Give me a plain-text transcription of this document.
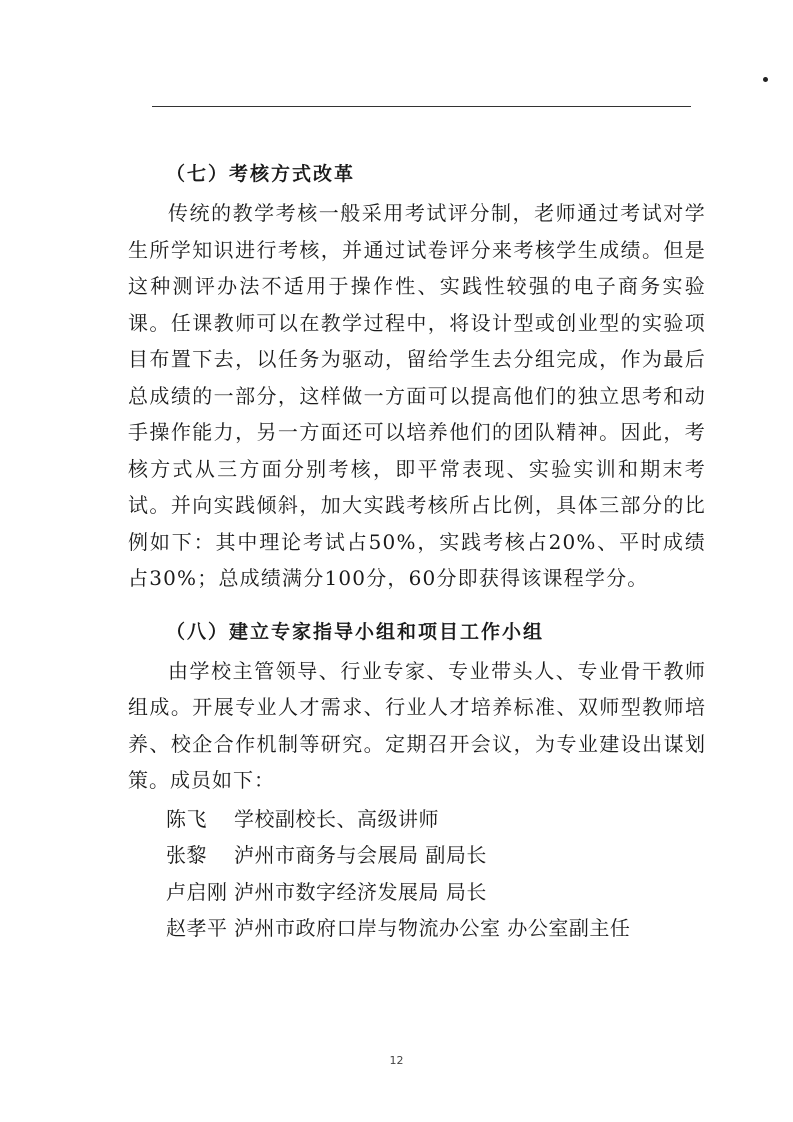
（七）考核方式改革

传统的教学考核一般采用考试评分制，老师通过考试对学生所学知识进行考核，并通过试卷评分来考核学生成绩。但是这种测评办法不适用于操作性、实践性较强的电子商务实验课。任课教师可以在教学过程中，将设计型或创业型的实验项目布置下去，以任务为驱动，留给学生去分组完成，作为最后总成绩的一部分，这样做一方面可以提高他们的独立思考和动手操作能力，另一方面还可以培养他们的团队精神。因此，考核方式从三方面分别考核，即平常表现、实验实训和期末考试。并向实践倾斜，加大实践考核所占比例，具体三部分的比例如下：其中理论考试占50%，实践考核占20%、平时成绩占30%；总成绩满分100分，60分即获得该课程学分。

（八）建立专家指导小组和项目工作小组

由学校主管领导、行业专家、专业带头人、专业骨干教师组成。开展专业人才需求、行业人才培养标准、双师型教师培养、校企合作机制等研究。定期召开会议，为专业建设出谋划策。成员如下：

陈飞 学校副校长、高级讲师
张黎 泸州市商务与会展局 副局长
卢启刚 泸州市数字经济发展局 局长
赵孝平 泸州市政府口岸与物流办公室 办公室副主任
12
